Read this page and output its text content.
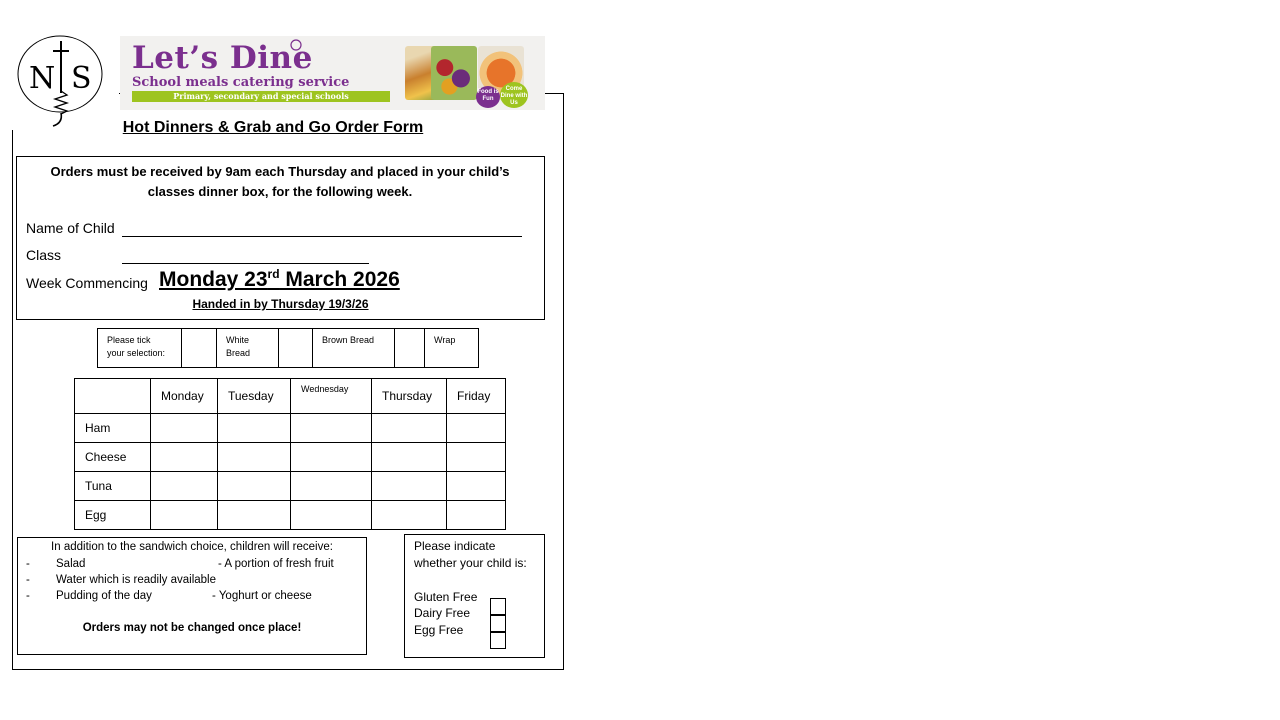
N S
Let’s Dine
School meals catering service
Primary, secondary and special schools	Food is Fun
Come Dine with Us
Hot Dinners & Grab and Go Order Form
Orders must be received by 9am each Thursday and placed in your child’s classes dinner box, for the following week.
Name of Child
Class
Week Commencing Monday 23rd March 2026
Handed in by Thursday 19/3/26
Please tick
your selection:

White
Bread

Brown Bread		Wrap
	Monday	Tuesday	Wednesday	Thursday	Friday
Ham					
Cheese					
Tuna					
Egg					
In addition to the sandwich choice, children will receive:
- Salad	- A portion of fresh fruit
- Water which is readily available
- Pudding of the day	- Yoghurt or cheese
Orders may not be changed once place!
Please indicate whether your child is:
Gluten Free
Dairy Free
Egg Free
